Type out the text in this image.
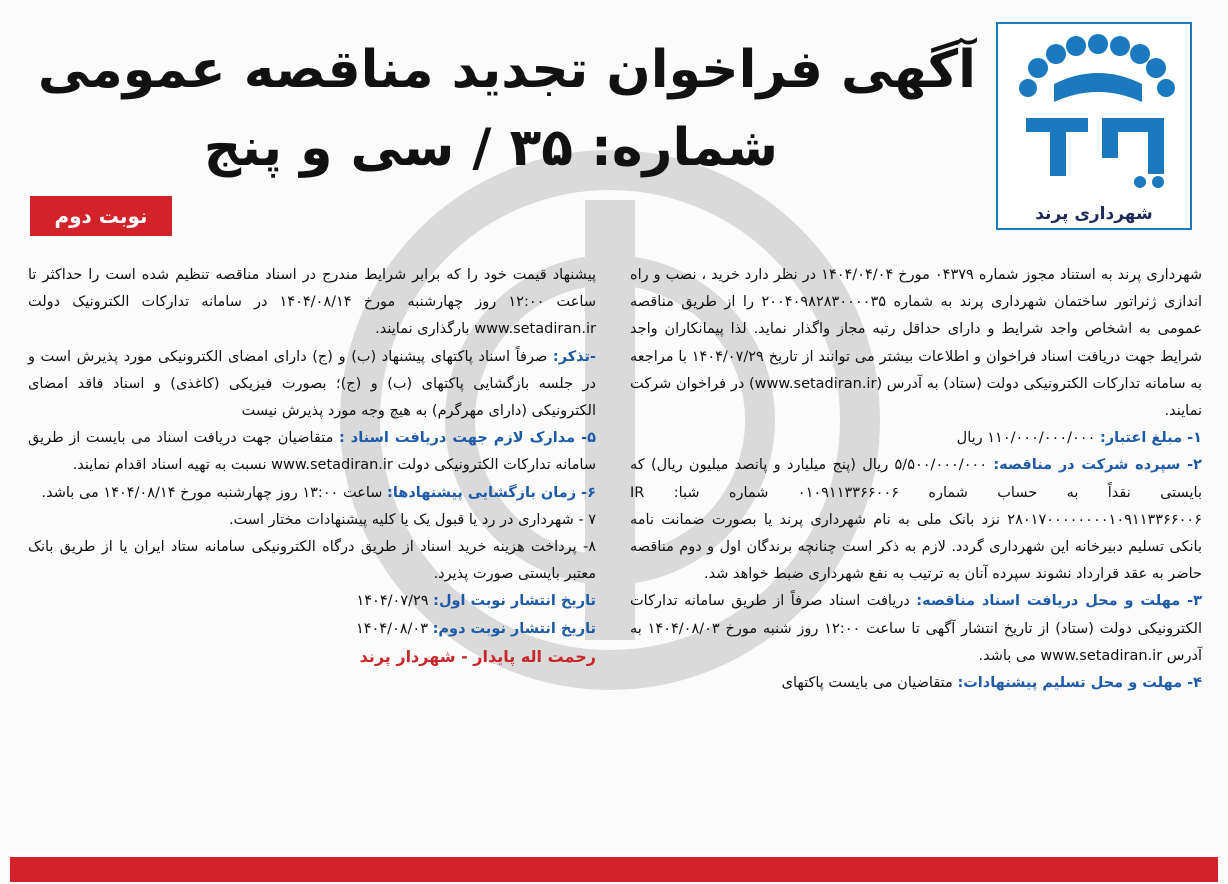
شهرداری پرند
آگهی فراخوان تجدید مناقصه عمومی
شماره: ۳۵ / سی و پنج
نوبت دوم

شهرداری پرند به استناد مجوز شماره ۰۴۳۷۹ مورخ ۱۴۰۴/۰۴/۰۴ در نظر دارد خرید ، نصب و راه اندازی ژنراتور ساختمان شهرداری پرند به شماره ۲۰۰۴۰۹۸۲۸۳۰۰۰۰۳۵ را از طریق مناقصه عمومی به اشخاص واجد شرایط و دارای حداقل رتبه مجاز واگذار نماید. لذا پیمانکاران واجد شرایط جهت دریافت اسناد فراخوان و اطلاعات بیشتر می توانند از تاریخ ۱۴۰۴/۰۷/۲۹ با مراجعه به سامانه تدارکات الکترونیکی دولت (ستاد) به آدرس (www.setadiran.ir) در فراخوان شرکت نمایند.

۱- مبلغ اعتبار: ۱۱۰/۰۰۰/۰۰۰/۰۰۰ ریال

۲- سپرده شرکت در مناقصه: ۵/۵۰۰/۰۰۰/۰۰۰ ریال (پنج میلیارد و پانصد میلیون ریال) که بایستی نقداً به حساب شماره ۰۱۰۹۱۱۳۳۶۶۰۰۶ شماره شبا: IR ۲۸۰۱۷۰۰۰۰۰۰۰۰۱۰۹۱۱۳۳۶۶۰۰۶ نزد بانک ملی به نام شهرداری پرند یا بصورت ضمانت نامه بانکی تسلیم دبیرخانه این شهرداری گردد. لازم به ذکر است چنانچه برندگان اول و دوم مناقصه حاضر به عقد قرارداد نشوند سپرده آنان به ترتیب به نفع شهرداری ضبط خواهد شد.

۳- مهلت و محل دریافت اسناد مناقصه: دریافت اسناد صرفاً از طریق سامانه تدارکات الکترونیکی دولت (ستاد) از تاریخ انتشار آگهی تا ساعت ۱۲:۰۰ روز شنبه مورخ ۱۴۰۴/۰۸/۰۳ به آدرس www.setadiran.ir می باشد.

۴- مهلت و محل تسلیم پیشنهادات: متقاضیان می بایست پاکتهای

پیشنهاد قیمت خود را که برابر شرایط مندرج در اسناد مناقصه تنظیم شده است را حداکثر تا ساعت ۱۲:۰۰ روز چهارشنبه مورخ ۱۴۰۴/۰۸/۱۴ در سامانه تدارکات الکترونیک دولت www.setadiran.ir بارگذاری نمایند.

-تذکر: صرفاً اسناد پاکتهای پیشنهاد (ب) و (ج) دارای امضای الکترونیکی مورد پذیرش است و در جلسه بازگشایی پاکتهای (ب) و (ج)؛ بصورت فیزیکی (کاغذی) و اسناد فاقد امضای الکترونیکی (دارای مهرگرم) به هیچ وجه مورد پذیرش نیست

۵- مدارک لازم جهت دریافت اسناد : متقاضیان جهت دریافت اسناد می بایست از طریق سامانه تدارکات الکترونیکی دولت www.setadiran.ir نسبت به تهیه اسناد اقدام نمایند.

۶- زمان بازگشایی پیشنهادها: ساعت ۱۳:۰۰ روز چهارشنبه مورخ ۱۴۰۴/۰۸/۱۴ می باشد.

۷ - شهرداری در رد یا قبول یک یا کلیه پیشنهادات مختار است.

۸- پرداخت هزینه خرید اسناد از طریق درگاه الکترونیکی سامانه ستاد ایران یا از طریق بانک معتبر بایستی صورت پذیرد.

تاریخ انتشار نوبت اول: ۱۴۰۴/۰۷/۲۹

تاریخ انتشار نوبت دوم: ۱۴۰۴/۰۸/۰۳

رحمت اله پایدار - شهردار پرند
